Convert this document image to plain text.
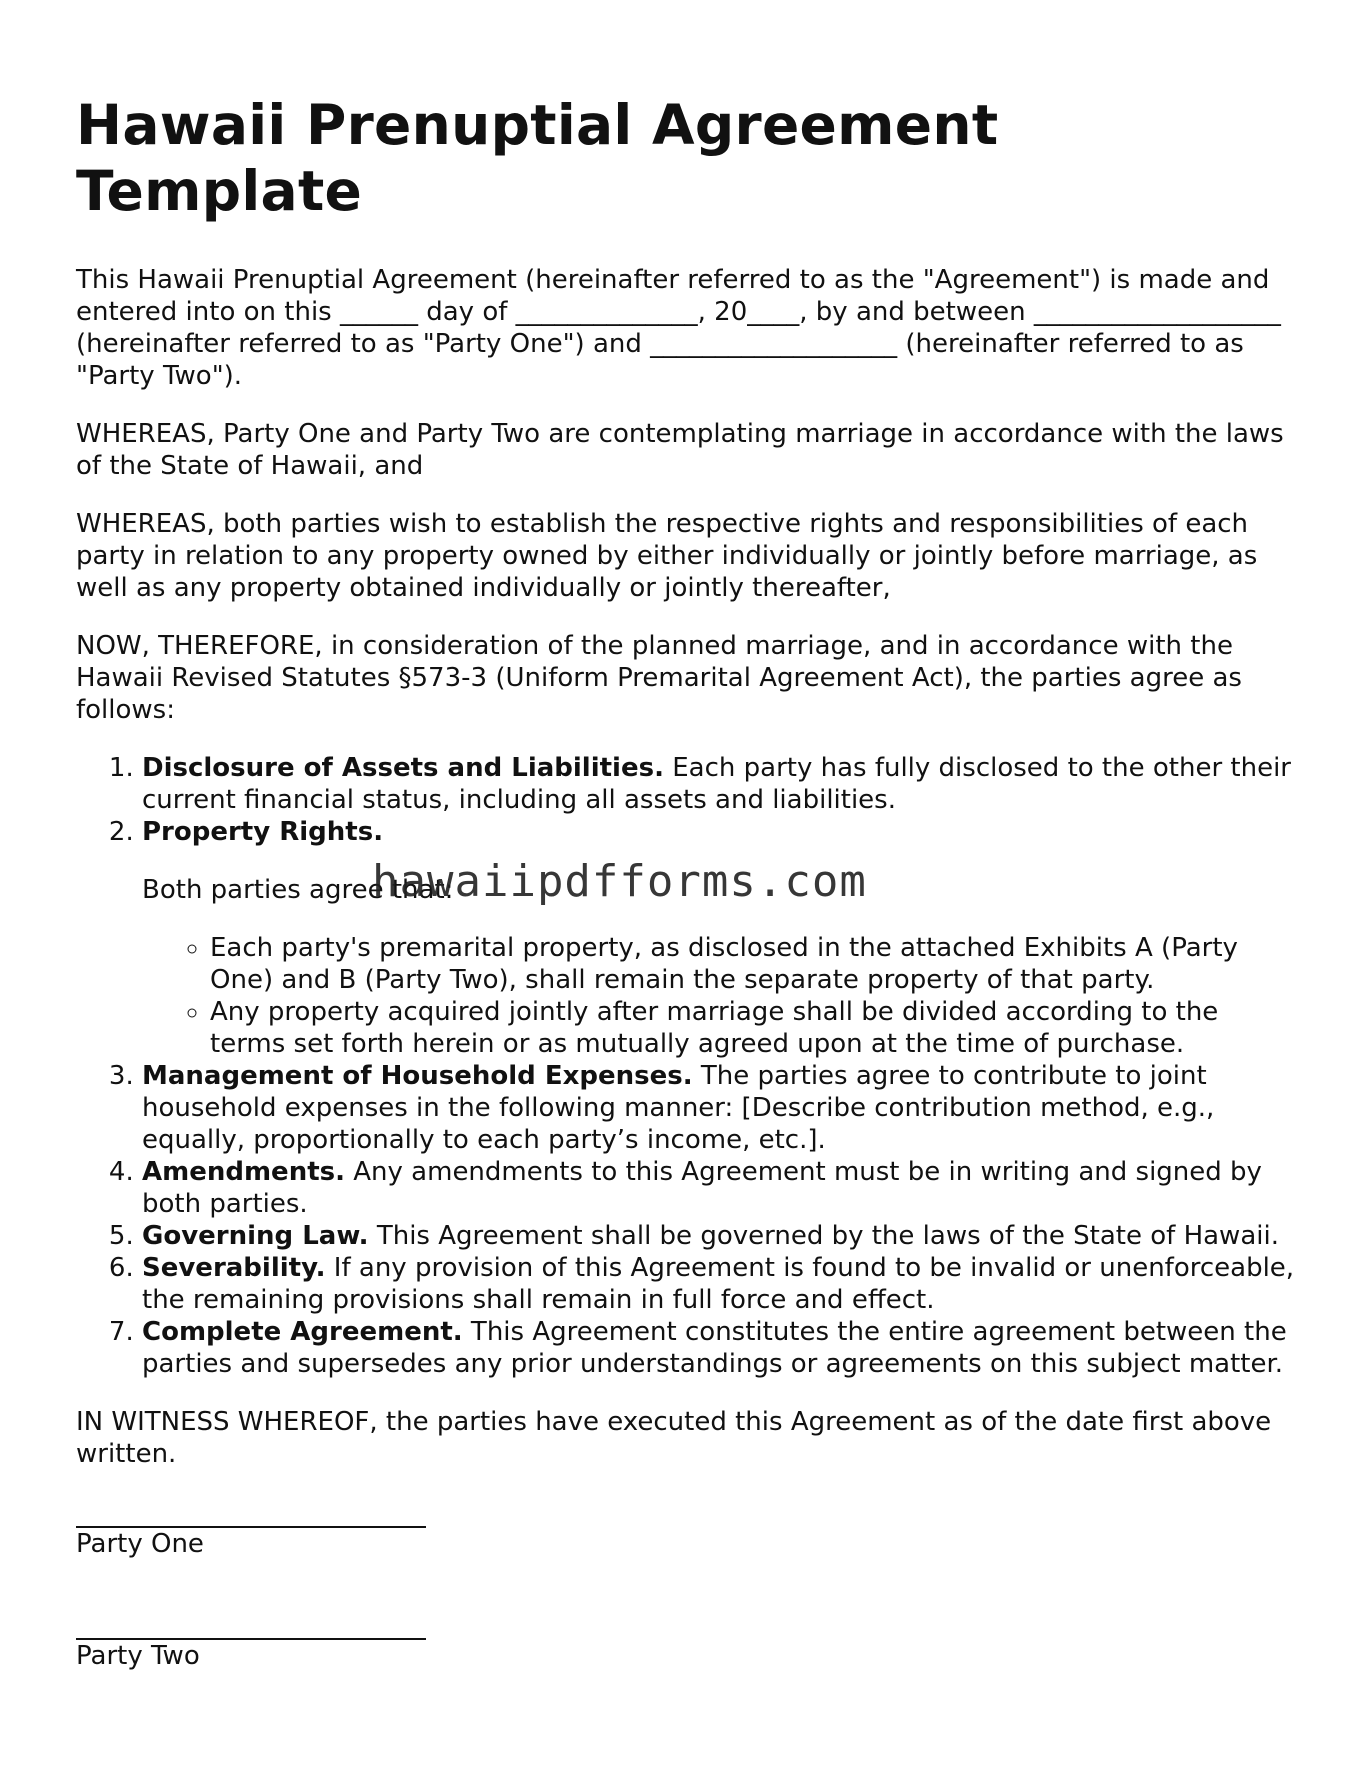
Hawaii Prenuptial Agreement Template

This Hawaii Prenuptial Agreement (hereinafter referred to as the "Agreement") is made and entered into on this ______ day of ______________, 20____, by and between ___________________ (hereinafter referred to as "Party One") and ___________________ (hereinafter referred to as "Party Two").

WHEREAS, Party One and Party Two are contemplating marriage in accordance with the laws of the State of Hawaii, and

WHEREAS, both parties wish to establish the respective rights and responsibilities of each party in relation to any property owned by either individually or jointly before marriage, as well as any property obtained individually or jointly thereafter,

NOW, THEREFORE, in consideration of the planned marriage, and in accordance with the Hawaii Revised Statutes §573-3 (Uniform Premarital Agreement Act), the parties agree as follows:

1. Disclosure of Assets and Liabilities. Each party has fully disclosed to the other their current financial status, including all assets and liabilities.
2. Property Rights.
Both parties agree that:
◦ Each party's premarital property, as disclosed in the attached Exhibits A (Party One) and B (Party Two), shall remain the separate property of that party.
◦ Any property acquired jointly after marriage shall be divided according to the terms set forth herein or as mutually agreed upon at the time of purchase.
3. Management of Household Expenses. The parties agree to contribute to joint household expenses in the following manner: [Describe contribution method, e.g., equally, proportionally to each party’s income, etc.].
4. Amendments. Any amendments to this Agreement must be in writing and signed by both parties.
5. Governing Law. This Agreement shall be governed by the laws of the State of Hawaii.
6. Severability. If any provision of this Agreement is found to be invalid or unenforceable, the remaining provisions shall remain in full force and effect.
7. Complete Agreement. This Agreement constitutes the entire agreement between the parties and supersedes any prior understandings or agreements on this subject matter.

IN WITNESS WHEREOF, the parties have executed this Agreement as of the date first above written.

Party One
Party Two
hawaiipdfforms.com
